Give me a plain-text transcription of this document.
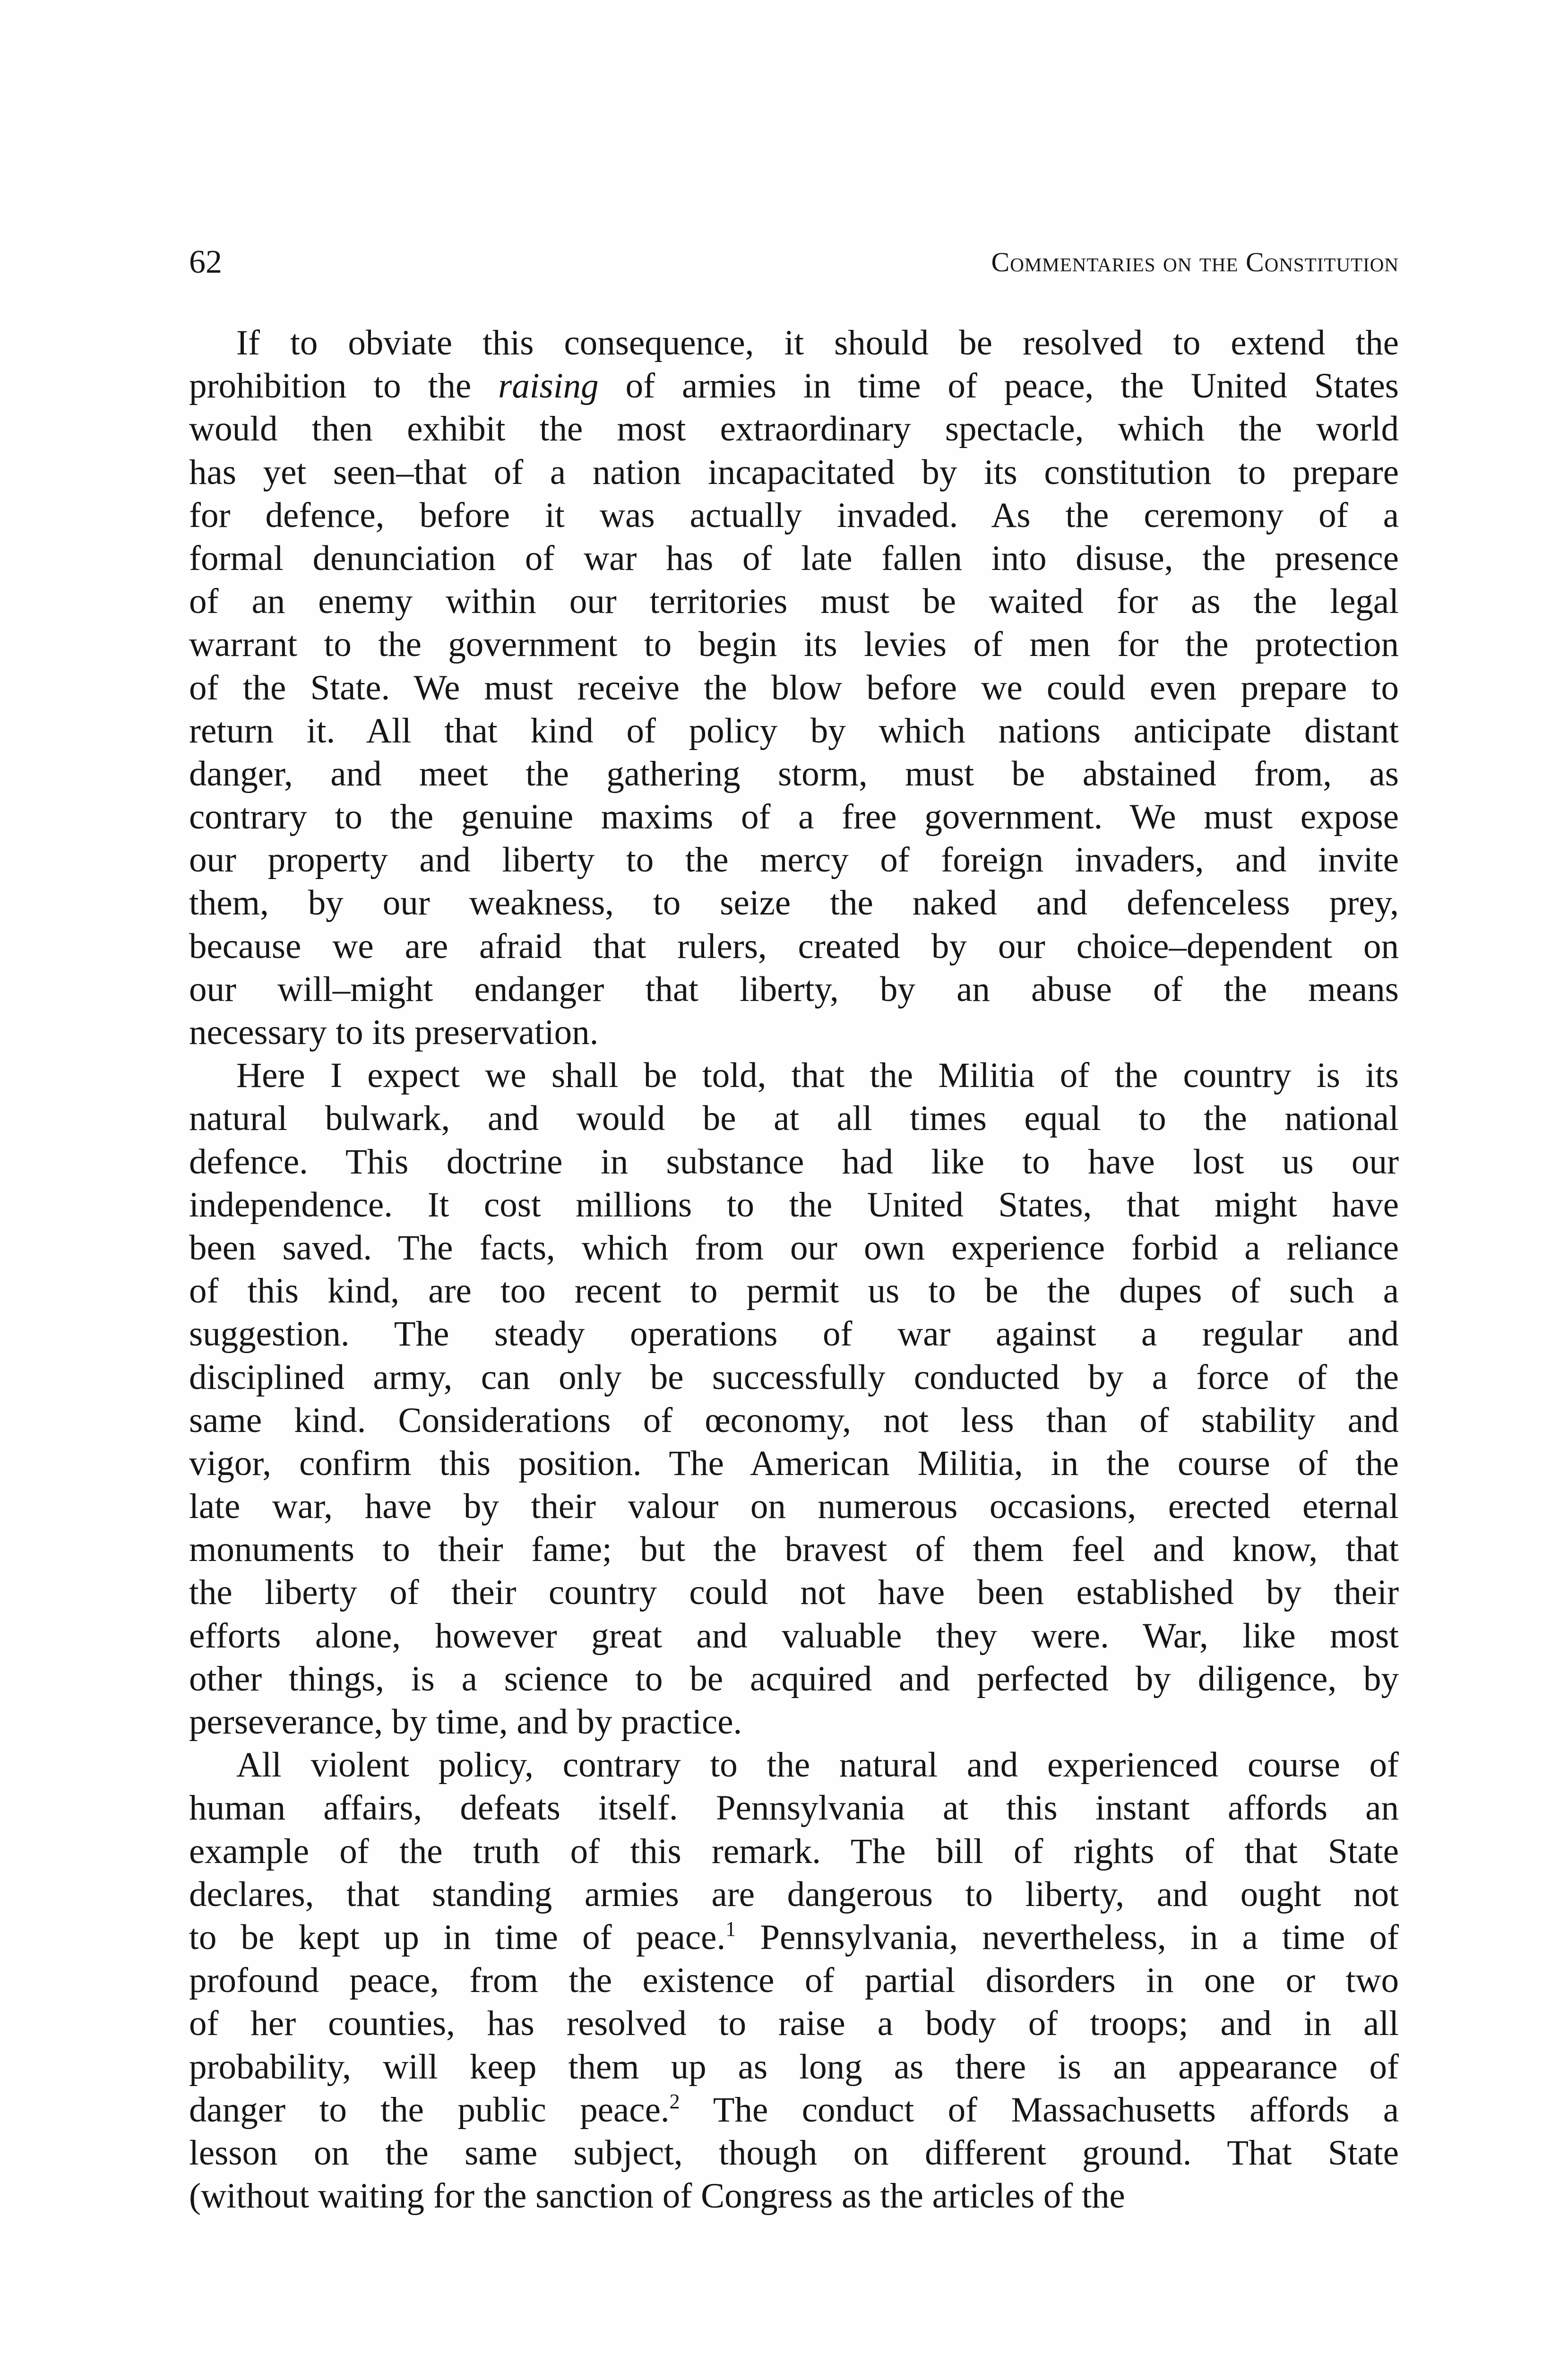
62	Commentaries on the Constitution
If to obviate this consequence, it should be resolved to extend the
prohibition to the raising of armies in time of peace, the United States
would then exhibit the most extraordinary spectacle, which the world
has yet seen–that of a nation incapacitated by its constitution to prepare
for defence, before it was actually invaded. As the ceremony of a
formal denunciation of war has of late fallen into disuse, the presence
of an enemy within our territories must be waited for as the legal
warrant to the government to begin its levies of men for the protection
of the State. We must receive the blow before we could even prepare to
return it. All that kind of policy by which nations anticipate distant
danger, and meet the gathering storm, must be abstained from, as
contrary to the genuine maxims of a free government. We must expose
our property and liberty to the mercy of foreign invaders, and invite
them, by our weakness, to seize the naked and defenceless prey,
because we are afraid that rulers, created by our choice–dependent on
our will–might endanger that liberty, by an abuse of the means
necessary to its preservation.
Here I expect we shall be told, that the Militia of the country is its
natural bulwark, and would be at all times equal to the national
defence. This doctrine in substance had like to have lost us our
independence. It cost millions to the United States, that might have
been saved. The facts, which from our own experience forbid a reliance
of this kind, are too recent to permit us to be the dupes of such a
suggestion. The steady operations of war against a regular and
disciplined army, can only be successfully conducted by a force of the
same kind. Considerations of œconomy, not less than of stability and
vigor, confirm this position. The American Militia, in the course of the
late war, have by their valour on numerous occasions, erected eternal
monuments to their fame; but the bravest of them feel and know, that
the liberty of their country could not have been established by their
efforts alone, however great and valuable they were. War, like most
other things, is a science to be acquired and perfected by diligence, by
perseverance, by time, and by practice.
All violent policy, contrary to the natural and experienced course of
human affairs, defeats itself. Pennsylvania at this instant affords an
example of the truth of this remark. The bill of rights of that State
declares, that standing armies are dangerous to liberty, and ought not
to be kept up in time of peace.$^1$ Pennsylvania, nevertheless, in a time of
profound peace, from the existence of partial disorders in one or two
of her counties, has resolved to raise a body of troops; and in all
probability, will keep them up as long as there is an appearance of
danger to the public peace.$^2$ The conduct of Massachusetts affords a
lesson on the same subject, though on different ground. That State
(without waiting for the sanction of Congress as the articles of the
